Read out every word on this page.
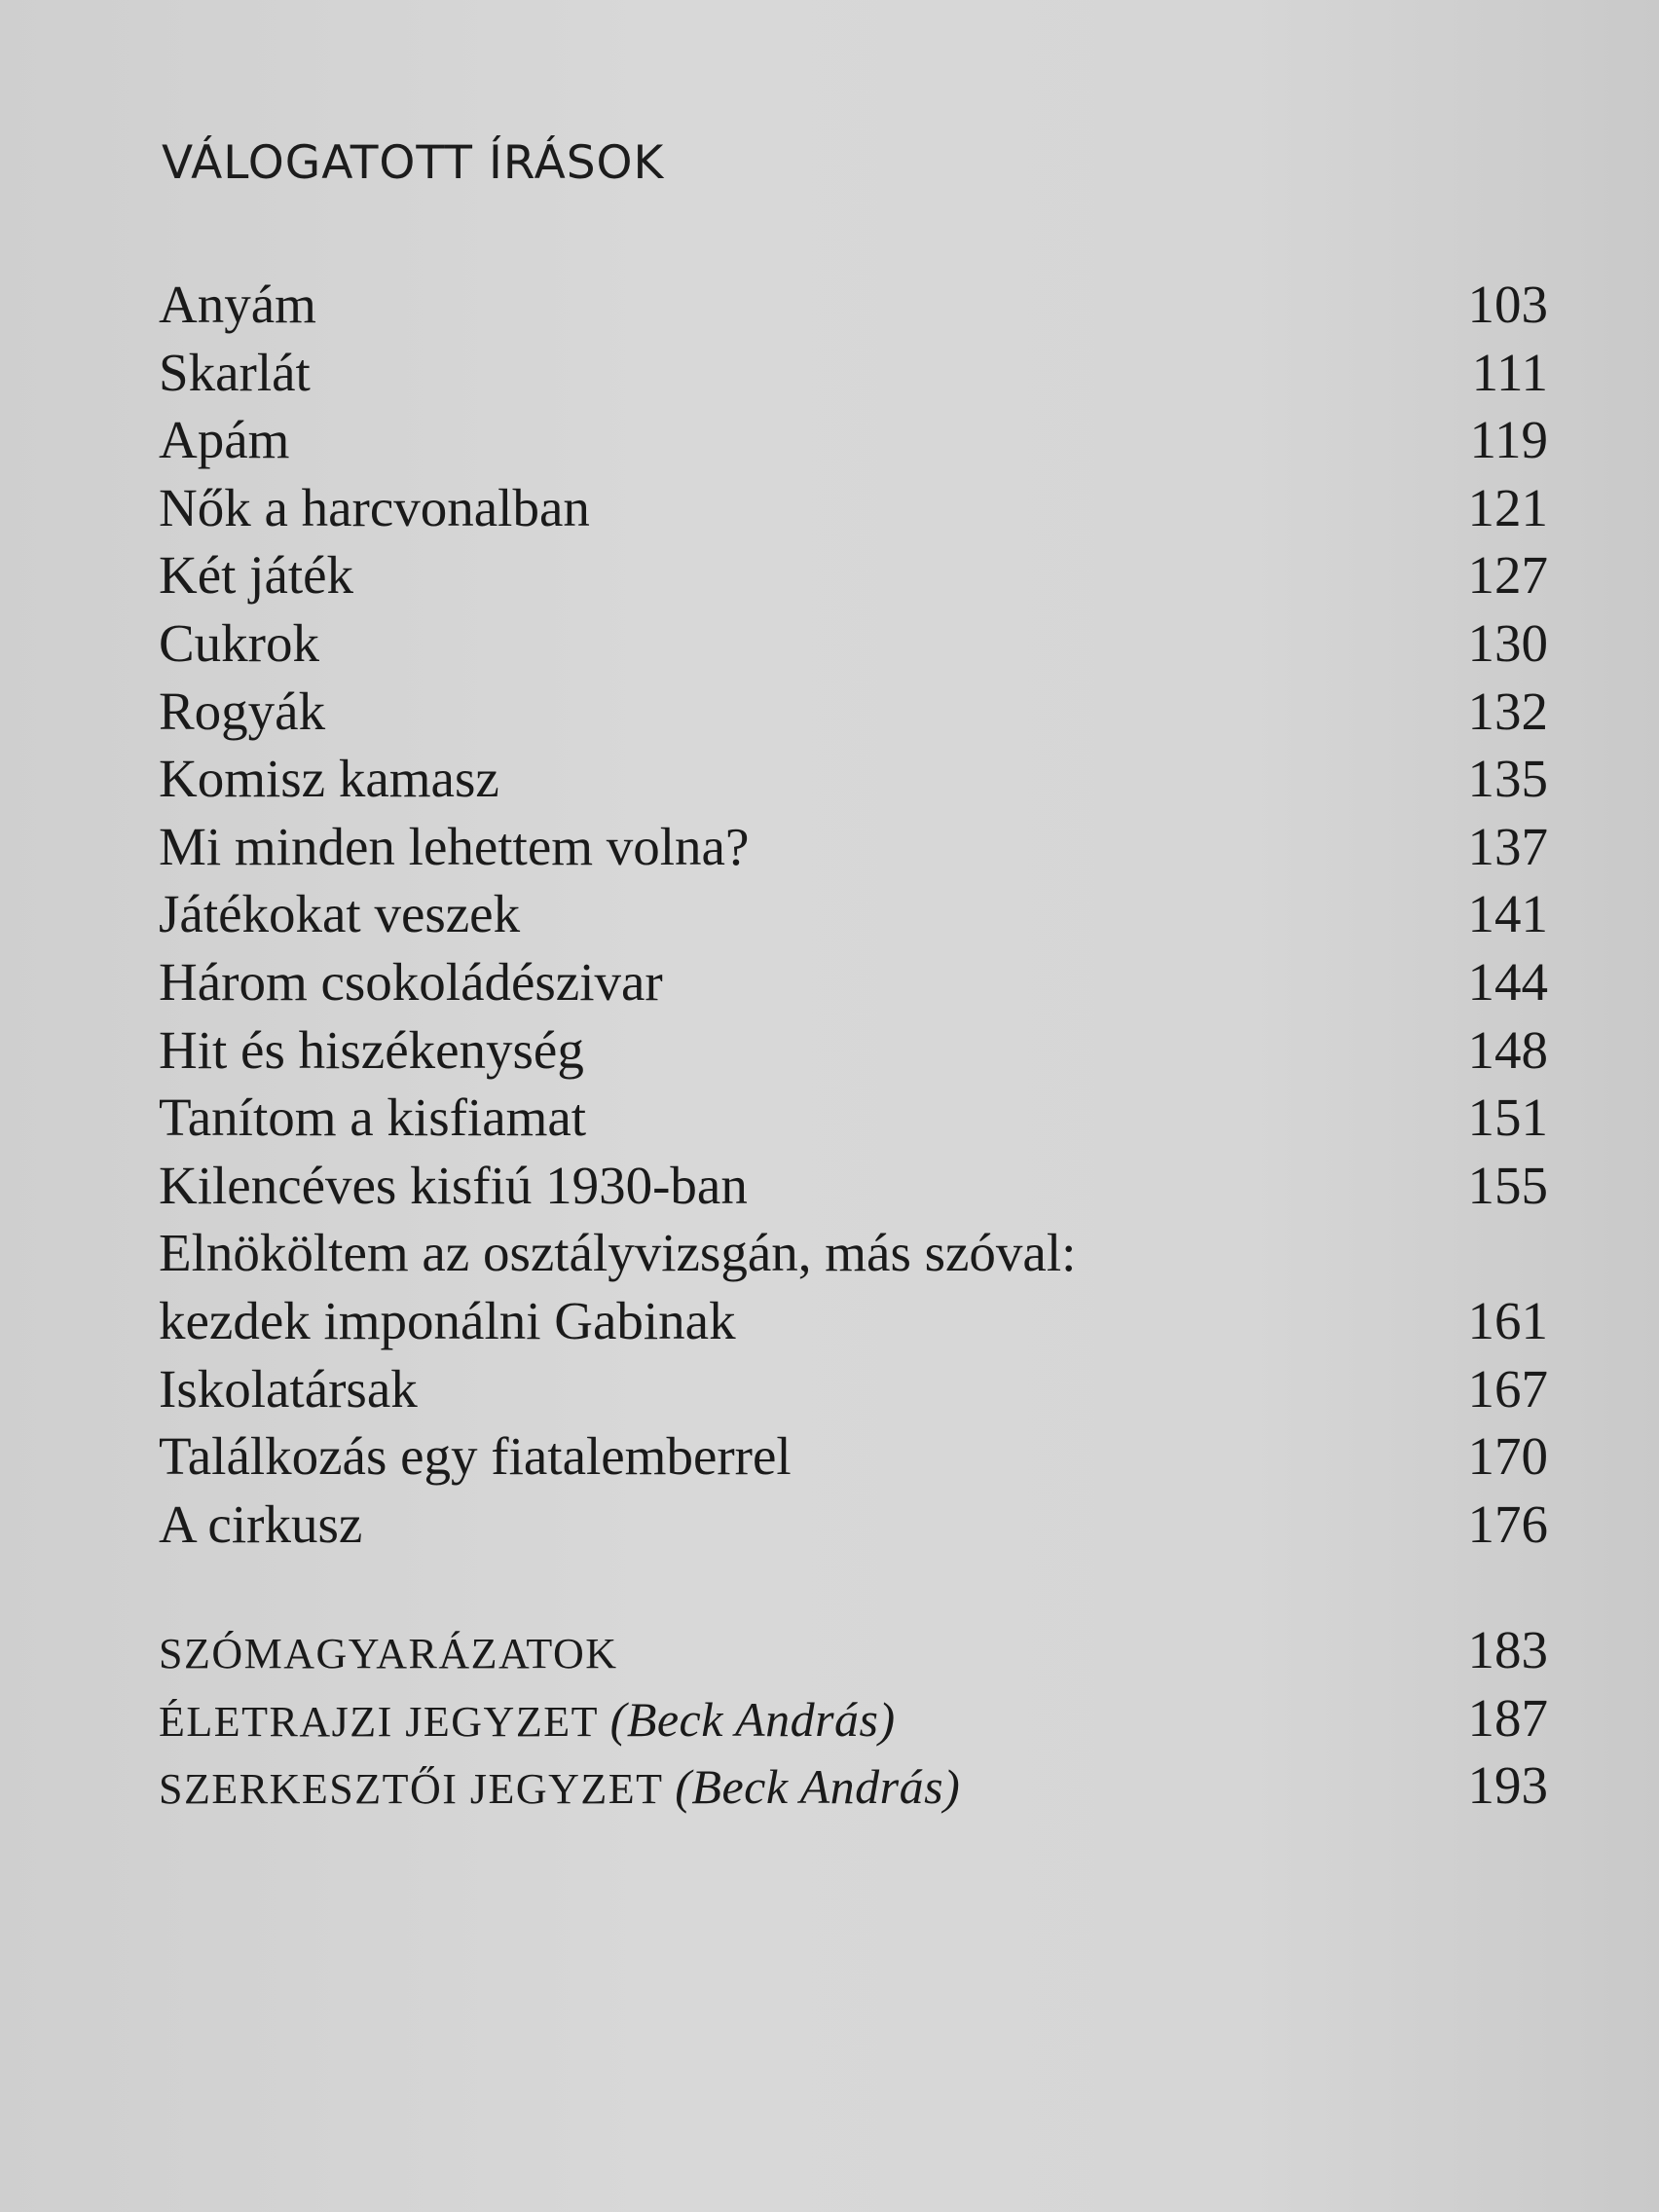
VÁLOGATOTT ÍRÁSOK
Anyám	103
Skarlát	111
Apám	119
Nők a harcvonalban	121
Két játék	127
Cukrok	130
Rogyák	132
Komisz kamasz	135
Mi minden lehettem volna?	137
Játékokat veszek	141
Három csokoládészivar	144
Hit és hiszékenység	148
Tanítom a kisfiamat	151
Kilencéves kisfiú 1930-ban	155
Elnököltem az osztályvizsgán, más szóval:
kezdek imponálni Gabinak	161
Iskolatársak	167
Találkozás egy fiatalemberrel	170
A cirkusz	176
SZÓMAGYARÁZATOK	183
ÉLETRAJZI JEGYZET (Beck András)	187
SZERKESZTŐI JEGYZET (Beck András)	193
